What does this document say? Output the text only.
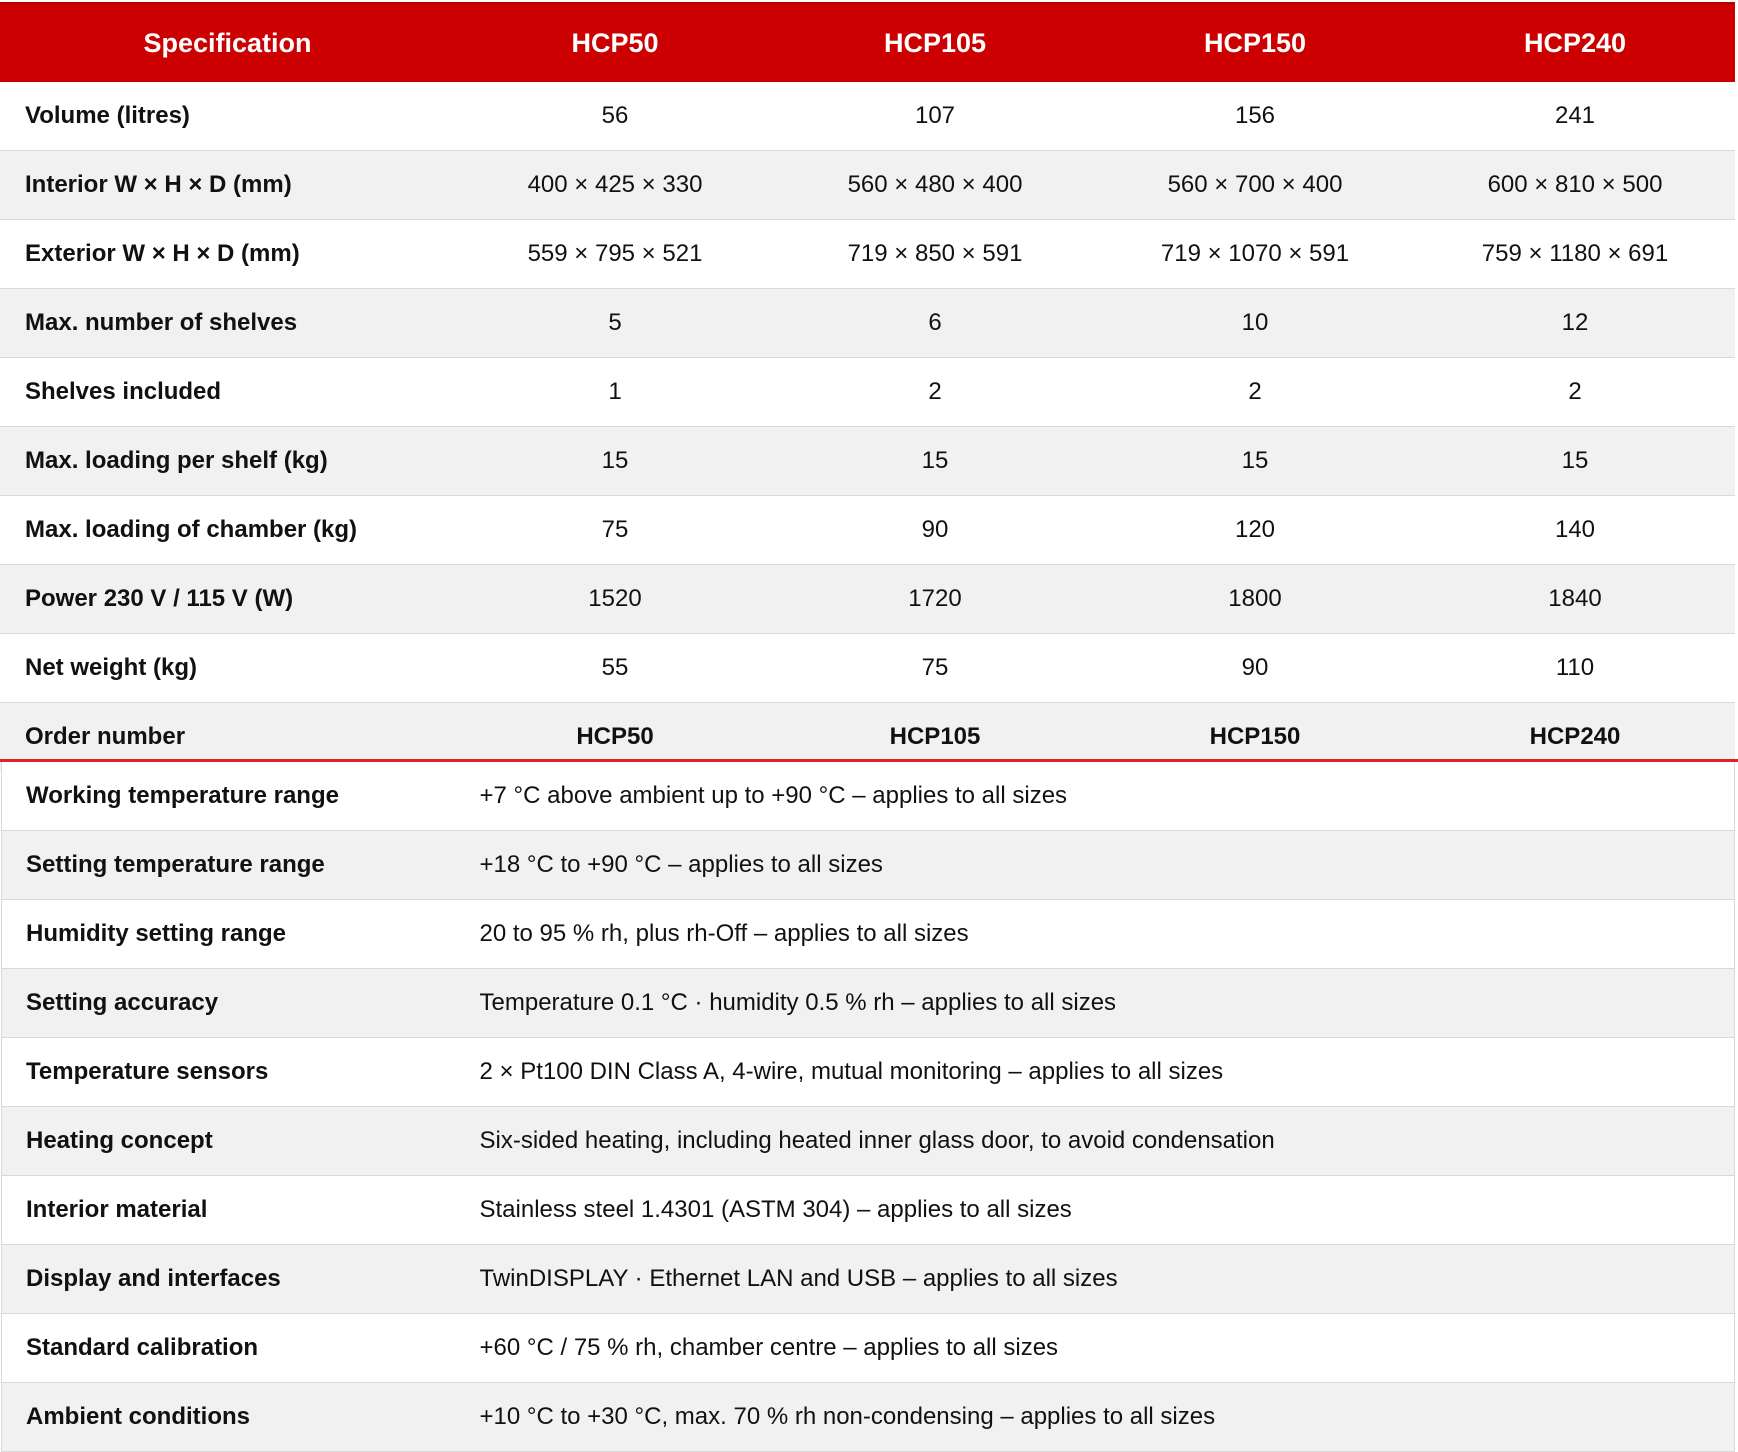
Specification	HCP50	HCP105	HCP150	HCP240
Volume (litres)	56	107	156	241
Interior W × H × D (mm)	400 × 425 × 330	560 × 480 × 400	560 × 700 × 400	600 × 810 × 500
Exterior W × H × D (mm)	559 × 795 × 521	719 × 850 × 591	719 × 1070 × 591	759 × 1180 × 691
Max. number of shelves	5	6	10	12
Shelves included	1	2	2	2
Max. loading per shelf (kg)	15	15	15	15
Max. loading of chamber (kg)	75	90	120	140
Power 230 V / 115 V (W)	1520	1720	1800	1840
Net weight (kg)	55	75	90	110
Order number	HCP50	HCP105	HCP150	HCP240
Working temperature range	+7 °C above ambient up to +90 °C – applies to all sizes
Setting temperature range	+18 °C to +90 °C – applies to all sizes
Humidity setting range	20 to 95 % rh, plus rh-Off – applies to all sizes
Setting accuracy	Temperature 0.1 °C · humidity 0.5 % rh – applies to all sizes
Temperature sensors	2 × Pt100 DIN Class A, 4-wire, mutual monitoring – applies to all sizes
Heating concept	Six-sided heating, including heated inner glass door, to avoid condensation
Interior material	Stainless steel 1.4301 (ASTM 304) – applies to all sizes
Display and interfaces	TwinDISPLAY · Ethernet LAN and USB – applies to all sizes
Standard calibration	+60 °C / 75 % rh, chamber centre – applies to all sizes
Ambient conditions	+10 °C to +30 °C, max. 70 % rh non-condensing – applies to all sizes
